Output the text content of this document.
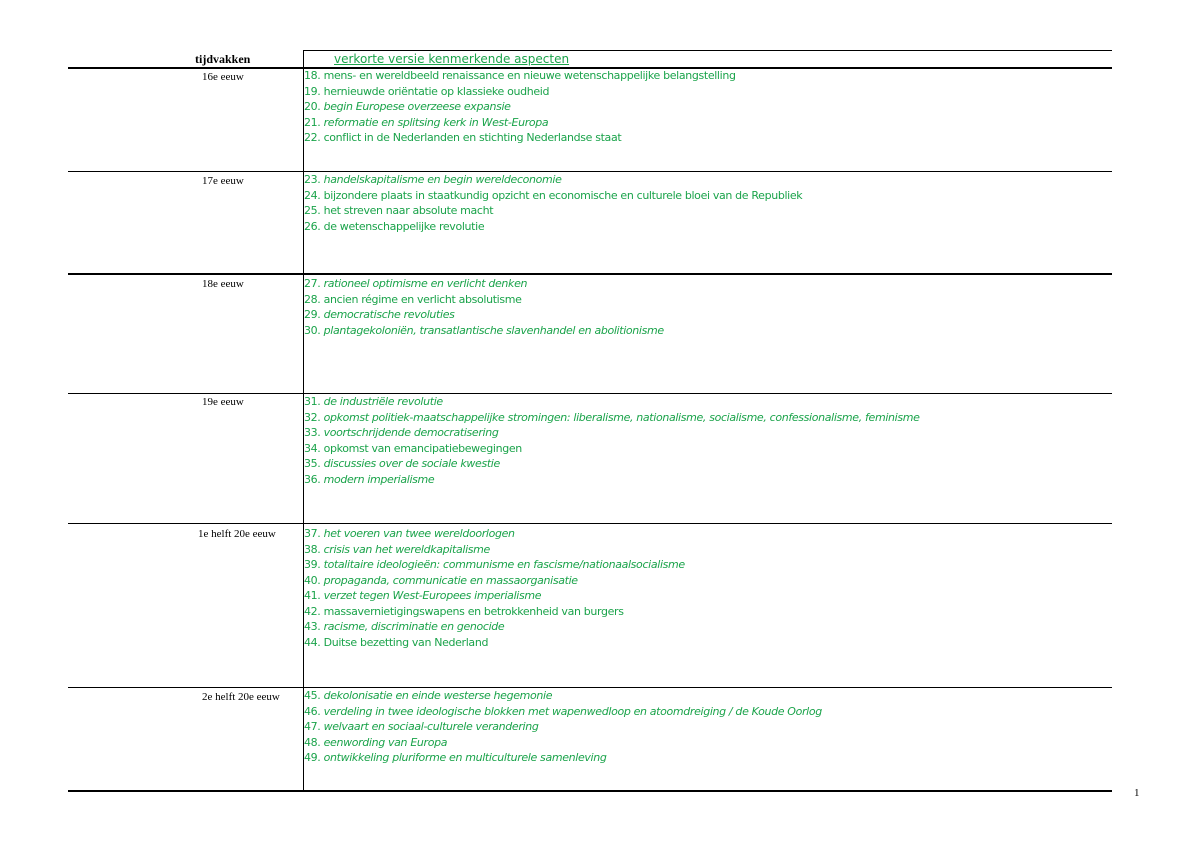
tijdvakken	verkorte versie kenmerkende aspecten
16e eeuw
17e eeuw
18e eeuw
19e eeuw
1e helft 20e eeuw
2e helft 20e eeuw
18. mens- en wereldbeeld renaissance en nieuwe wetenschappelijke belangstelling
19. hernieuwde oriëntatie op klassieke oudheid
20. begin Europese overzeese expansie
21. reformatie en splitsing kerk in West-Europa
22. conflict in de Nederlanden en stichting Nederlandse staat
23. handelskapitalisme en begin wereldeconomie
24. bijzondere plaats in staatkundig opzicht en economische en culturele bloei van de Republiek
25. het streven naar absolute macht
26. de wetenschappelijke revolutie
27. rationeel optimisme en verlicht denken
28. ancien régime en verlicht absolutisme
29. democratische revoluties
30. plantagekoloniën, transatlantische slavenhandel en abolitionisme
31. de industriële revolutie
32. opkomst politiek-maatschappelijke stromingen: liberalisme, nationalisme, socialisme, confessionalisme, feminisme
33. voortschrijdende democratisering
34. opkomst van emancipatiebewegingen
35. discussies over de sociale kwestie
36. modern imperialisme
37. het voeren van twee wereldoorlogen
38. crisis van het wereldkapitalisme
39. totalitaire ideologieën: communisme en fascisme/nationaalsocialisme
40. propaganda, communicatie en massaorganisatie
41. verzet tegen West-Europees imperialisme
42. massavernietigingswapens en betrokkenheid van burgers
43. racisme, discriminatie en genocide
44. Duitse bezetting van Nederland
45. dekolonisatie en einde westerse hegemonie
46. verdeling in twee ideologische blokken met wapenwedloop en atoomdreiging / de Koude Oorlog
47. welvaart en sociaal-culturele verandering
48. eenwording van Europa
49. ontwikkeling pluriforme en multiculturele samenleving
1
